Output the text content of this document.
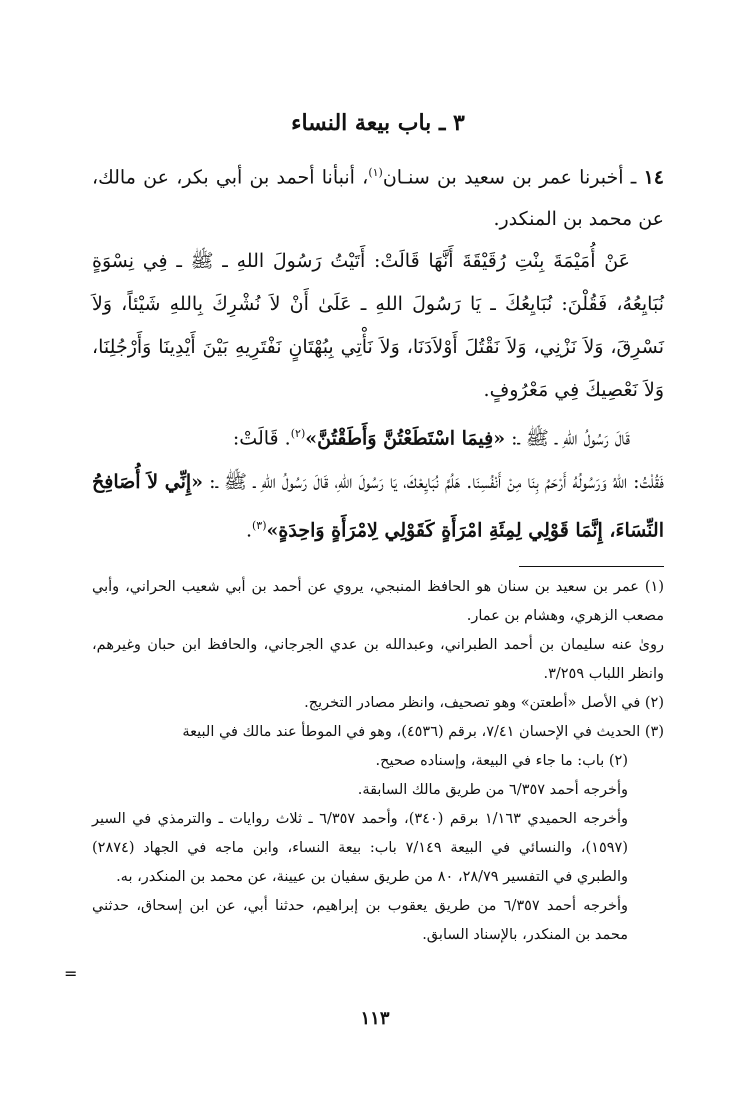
٣ ـ باب بيعة النساء

١٤ ـ أخبرنا عمر بن سعيد بن سنـان$^{(١)}$، أنبأنا أحمد بن أبي بكر، عن مالك، عن محمد بن المنكدر.

عَنْ أُمَيْمَةَ بِنْتِ رُقَيْقَةَ أَنَّهَا قَالَتْ: أَتَيْتُ رَسُولَ اللهِ ـ ﷺ ـ فِي نِسْوَةٍ نُبَايِعُهُ، فَقُلْنَ: نُبَايِعُكَ ـ يَا رَسُولَ اللهِ ـ عَلَىٰ أَنْ لاَ نُشْرِكَ بِاللهِ شَيْئاً، وَلاَ نَسْرِقَ، وَلاَ نَزْنِي، وَلاَ نَقْتُلَ أَوْلاَدَنَا، وَلاَ نَأْتِي بِبُهْتَانٍ نَفْتَرِيهِ بَيْنَ أَيْدِينَا وَأَرْجُلِنَا، وَلاَ نَعْصِيكَ فِي مَعْرُوفٍ.

قَالَ رَسُولُ اللهِ ـ ﷺ ـ: «فِيمَا اسْتَطَعْتُنَّ وَأَطَقْتُنَّ»$^{(٢)}$. قَالَتْ:

فَقُلْتُ: اللهُ وَرَسُولُهُ أَرْحَمُ بِنَا مِنْ أَنْفُسِنَا. هَلُمَّ نُبَايِعْكَ، يَا رَسُولَ اللهِ، قَالَ رَسُولُ اللهِ ـ ﷺ ـ: «إِنِّي لاَ أُصَافِحُ النِّسَاءَ، إِنَّمَا قَوْلِي لِمِئَةِ امْرَأَةٍ كَقَوْلِي لِامْرَأَةٍ وَاحِدَةٍ»$^{(٣)}$.

(١) عمر بن سعيد بن سنان هو الحافظ المنبجي، يروي عن أحمد بن أبي شعيب الحراني، وأبي مصعب الزهري، وهشام بن عمار.

رویٰ عنه سليمان بن أحمد الطبراني، وعبدالله بن عدي الجرجاني، والحافظ ابن حبان وغيرهم، وانظر اللباب ٣/٢٥٩.

(٢) في الأصل «أطعتن» وهو تصحيف، وانظر مصادر التخريج.

(٣) الحديث في الإحسان ٧/٤١، برقم (٤٥٣٦)، وهو في الموطأ عند مالك في البيعة

(٢) باب: ما جاء في البيعة، وإسناده صحيح.

وأخرجه أحمد ٦/٣٥٧ من طريق مالك السابقة.

وأخرجه الحميدي ١/١٦٣ برقم (٣٤٠)، وأحمد ٦/٣٥٧ ـ ثلاث روايات ـ والترمذي في السير (١٥٩٧)، والنسائي في البيعة ٧/١٤٩ باب: بيعة النساء، وابن ماجه في الجهاد (٢٨٧٤) والطبري في التفسير ٢٨/٧٩، ٨٠ من طريق سفيان بن عيينة، عن محمد بن المنكدر، به.

وأخرجه أحمد ٦/٣٥٧ من طريق يعقوب بن إبراهيم، حدثنا أبي، عن ابن إسحاق، حدثني محمد بن المنكدر، بالإسناد السابق.

=
١١٣
